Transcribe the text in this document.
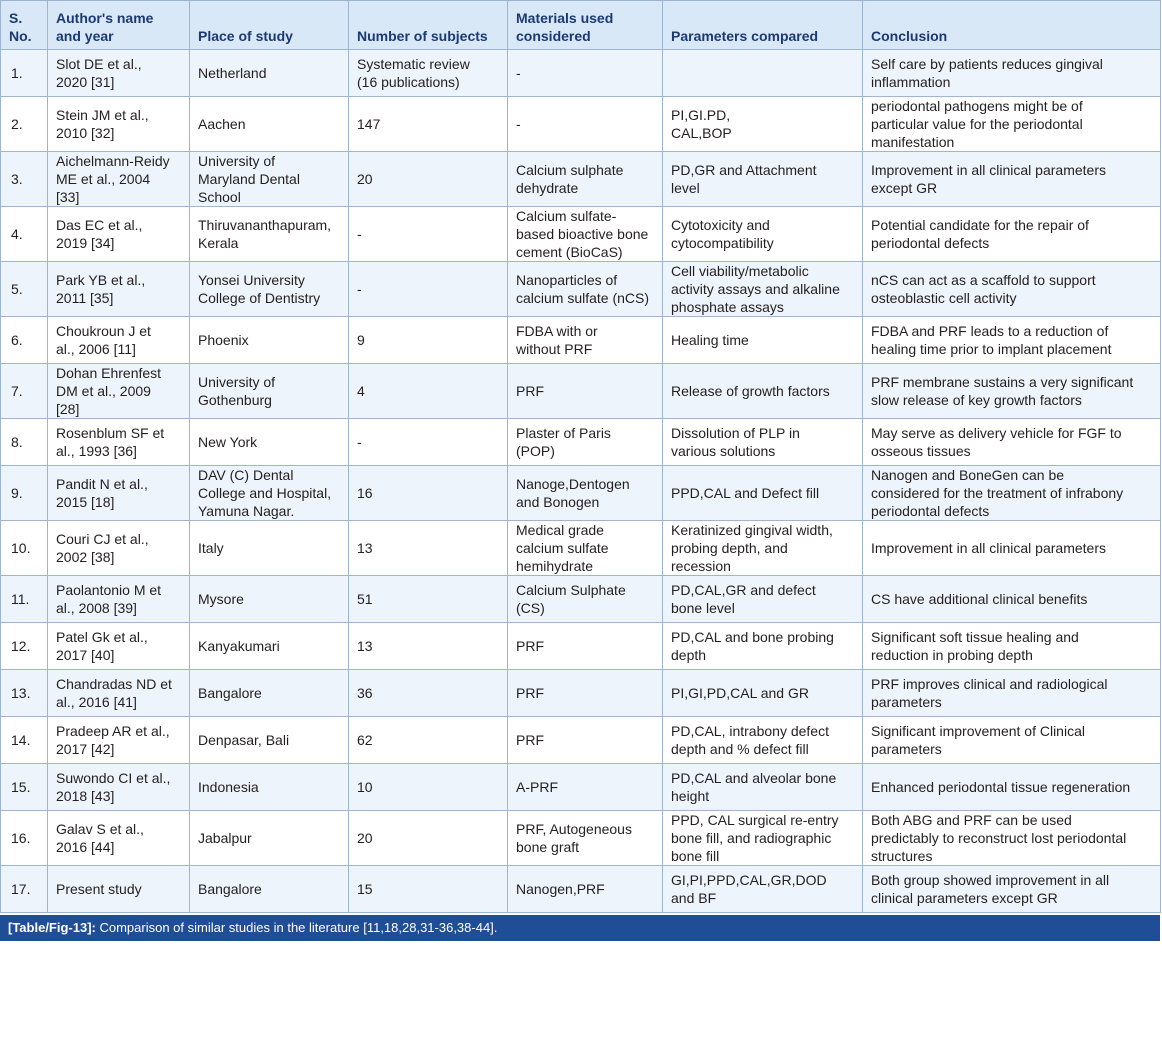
S.
No.	Author's name
and year	Place of study	Number of subjects	Materials used
considered	Parameters compared	Conclusion
1.	Slot DE et al.,
2020 [31]	Netherland	Systematic review
(16 publications)	-		Self care by patients reduces gingival
inflammation
2.	Stein JM et al.,
2010 [32]	Aachen	147	-	PI,GI.PD,
CAL,BOP	periodontal pathogens might be of
particular value for the periodontal
manifestation
3.	Aichelmann-Reidy
ME et al., 2004
[33]	University of
Maryland Dental
School	20	Calcium sulphate
dehydrate	PD,GR and Attachment
level	Improvement in all clinical parameters
except GR
4.	Das EC et al.,
2019 [34]	Thiruvananthapuram,
Kerala	-	Calcium sulfate-
based bioactive bone
cement (BioCaS)	Cytotoxicity and
cytocompatibility	Potential candidate for the repair of
periodontal defects
5.	Park YB et al.,
2011 [35]	Yonsei University
College of Dentistry	-	Nanoparticles of
calcium sulfate (nCS)	Cell viability/metabolic
activity assays and alkaline
phosphate assays	nCS can act as a scaffold to support
osteoblastic cell activity
6.	Choukroun J et
al., 2006 [11]	Phoenix	9	FDBA with or
without PRF	Healing time	FDBA and PRF leads to a reduction of
healing time prior to implant placement
7.	Dohan Ehrenfest
DM et al., 2009
[28]	University of
Gothenburg	4	PRF	Release of growth factors	PRF membrane sustains a very significant
slow release of key growth factors
8.	Rosenblum SF et
al., 1993 [36]	New York	-	Plaster of Paris
(POP)	Dissolution of PLP in
various solutions	May serve as delivery vehicle for FGF to
osseous tissues
9.	Pandit N et al.,
2015 [18]	DAV (C) Dental
College and Hospital,
Yamuna Nagar.	16	Nanoge,Dentogen
and Bonogen	PPD,CAL and Defect fill	Nanogen and BoneGen can be
considered for the treatment of infrabony
periodontal defects
10.	Couri CJ et al.,
2002 [38]	Italy	13	Medical grade
calcium sulfate
hemihydrate	Keratinized gingival width,
probing depth, and
recession	Improvement in all clinical parameters
11.	Paolantonio M et
al., 2008 [39]	Mysore	51	Calcium Sulphate
(CS)	PD,CAL,GR and defect
bone level	CS have additional clinical benefits
12.	Patel Gk et al.,
2017 [40]	Kanyakumari	13	PRF	PD,CAL and bone probing
depth	Significant soft tissue healing and
reduction in probing depth
13.	Chandradas ND et
al., 2016 [41]	Bangalore	36	PRF	PI,GI,PD,CAL and GR	PRF improves clinical and radiological
parameters
14.	Pradeep AR et al.,
2017 [42]	Denpasar, Bali	62	PRF	PD,CAL, intrabony defect
depth and % defect fill	Significant improvement of Clinical
parameters
15.	Suwondo CI et al.,
2018 [43]	Indonesia	10	A-PRF	PD,CAL and alveolar bone
height	Enhanced periodontal tissue regeneration
16.	Galav S et al.,
2016 [44]	Jabalpur	20	PRF, Autogeneous
bone graft	PPD, CAL surgical re-entry
bone fill, and radiographic
bone fill	Both ABG and PRF can be used
predictably to reconstruct lost periodontal
structures
17.	Present study	Bangalore	15	Nanogen,PRF	GI,PI,PPD,CAL,GR,DOD
and BF	Both group showed improvement in all
clinical parameters except GR
[Table/Fig-13]: Comparison of similar studies in the literature [11,18,28,31-36,38-44].
